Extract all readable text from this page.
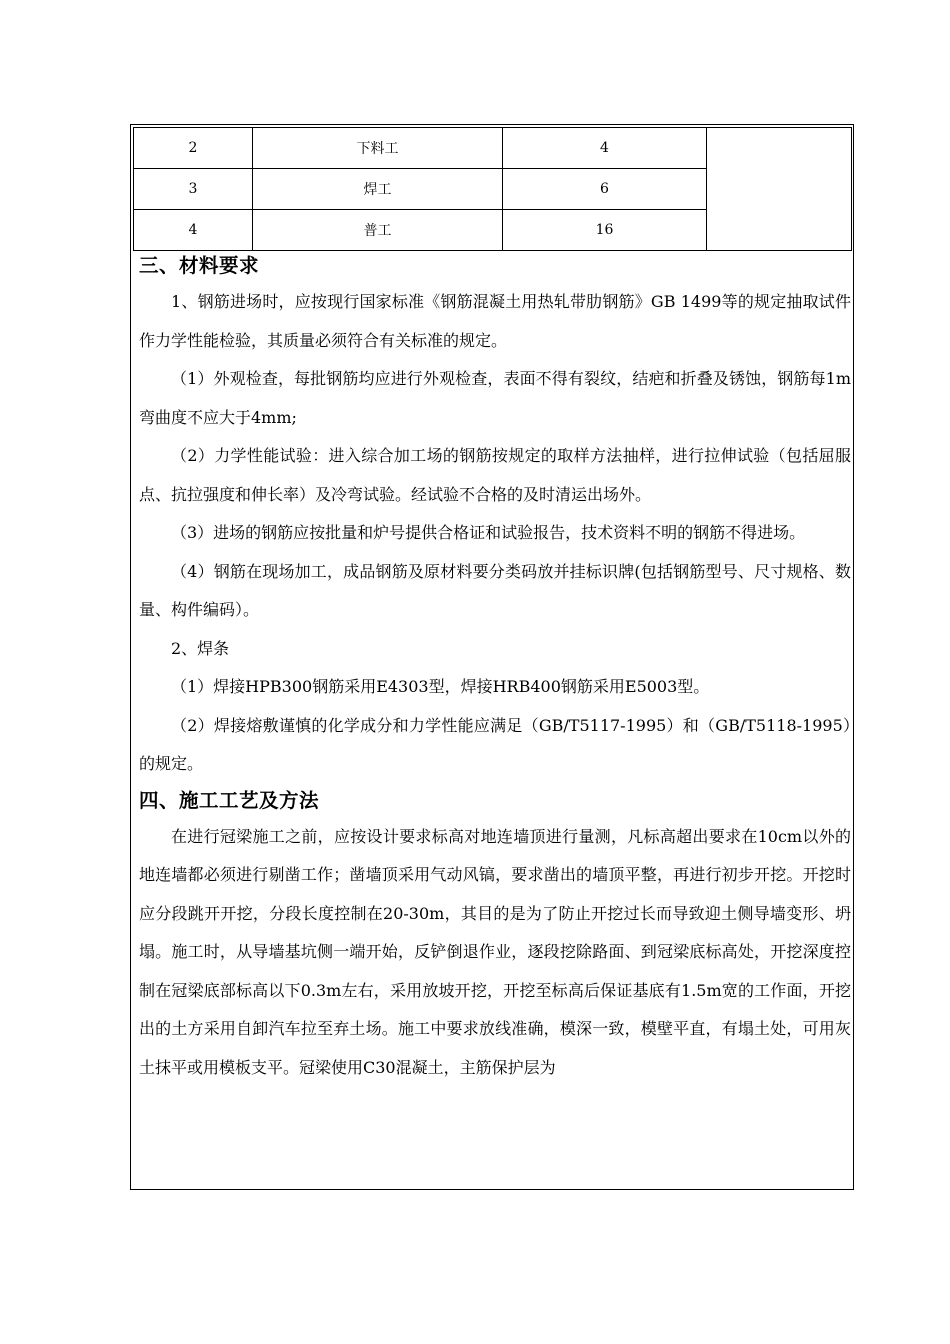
2	下料工	4	
3	焊工	6	
4	普工	16	
三、材料要求
1、钢筋进场时，应按现行国家标准《钢筋混凝土用热轧带肋钢筋》GB 1499等的规定抽取试件作力学性能检验，其质量必须符合有关标准的规定。
（1）外观检查，每批钢筋均应进行外观检查，表面不得有裂纹，结疤和折叠及锈蚀，钢筋每1m弯曲度不应大于4mm;
（2）力学性能试验：进入综合加工场的钢筋按规定的取样方法抽样，进行拉伸试验（包括屈服点、抗拉强度和伸长率）及冷弯试验。经试验不合格的及时清运出场外。
（3）进场的钢筋应按批量和炉号提供合格证和试验报告，技术资料不明的钢筋不得进场。
（4）钢筋在现场加工，成品钢筋及原材料要分类码放并挂标识牌(包括钢筋型号、尺寸规格、数量、构件编码）。
2、焊条
（1）焊接HPB300钢筋采用E4303型，焊接HRB400钢筋采用E5003型。
（2）焊接熔敷谨慎的化学成分和力学性能应满足（GB/T5117-1995）和（GB/T5118-1995）的规定。
四、施工工艺及方法
在进行冠梁施工之前，应按设计要求标高对地连墙顶进行量测，凡标高超出要求在10cm以外的地连墙都必须进行剔凿工作；凿墙顶采用气动风镐，要求凿出的墙顶平整，再进行初步开挖。开挖时应分段跳开开挖，分段长度控制在20-30m，其目的是为了防止开挖过长而导致迎土侧导墙变形、坍塌。施工时，从导墙基坑侧一端开始，反铲倒退作业，逐段挖除路面、到冠梁底标高处，开挖深度控制在冠梁底部标高以下0.3m左右，采用放坡开挖，开挖至标高后保证基底有1.5m宽的工作面，开挖出的土方采用自卸汽车拉至弃土场。施工中要求放线准确，模深一致，模壁平直，有塌土处，可用灰土抹平或用模板支平。冠梁使用C30混凝土，主筋保护层为
